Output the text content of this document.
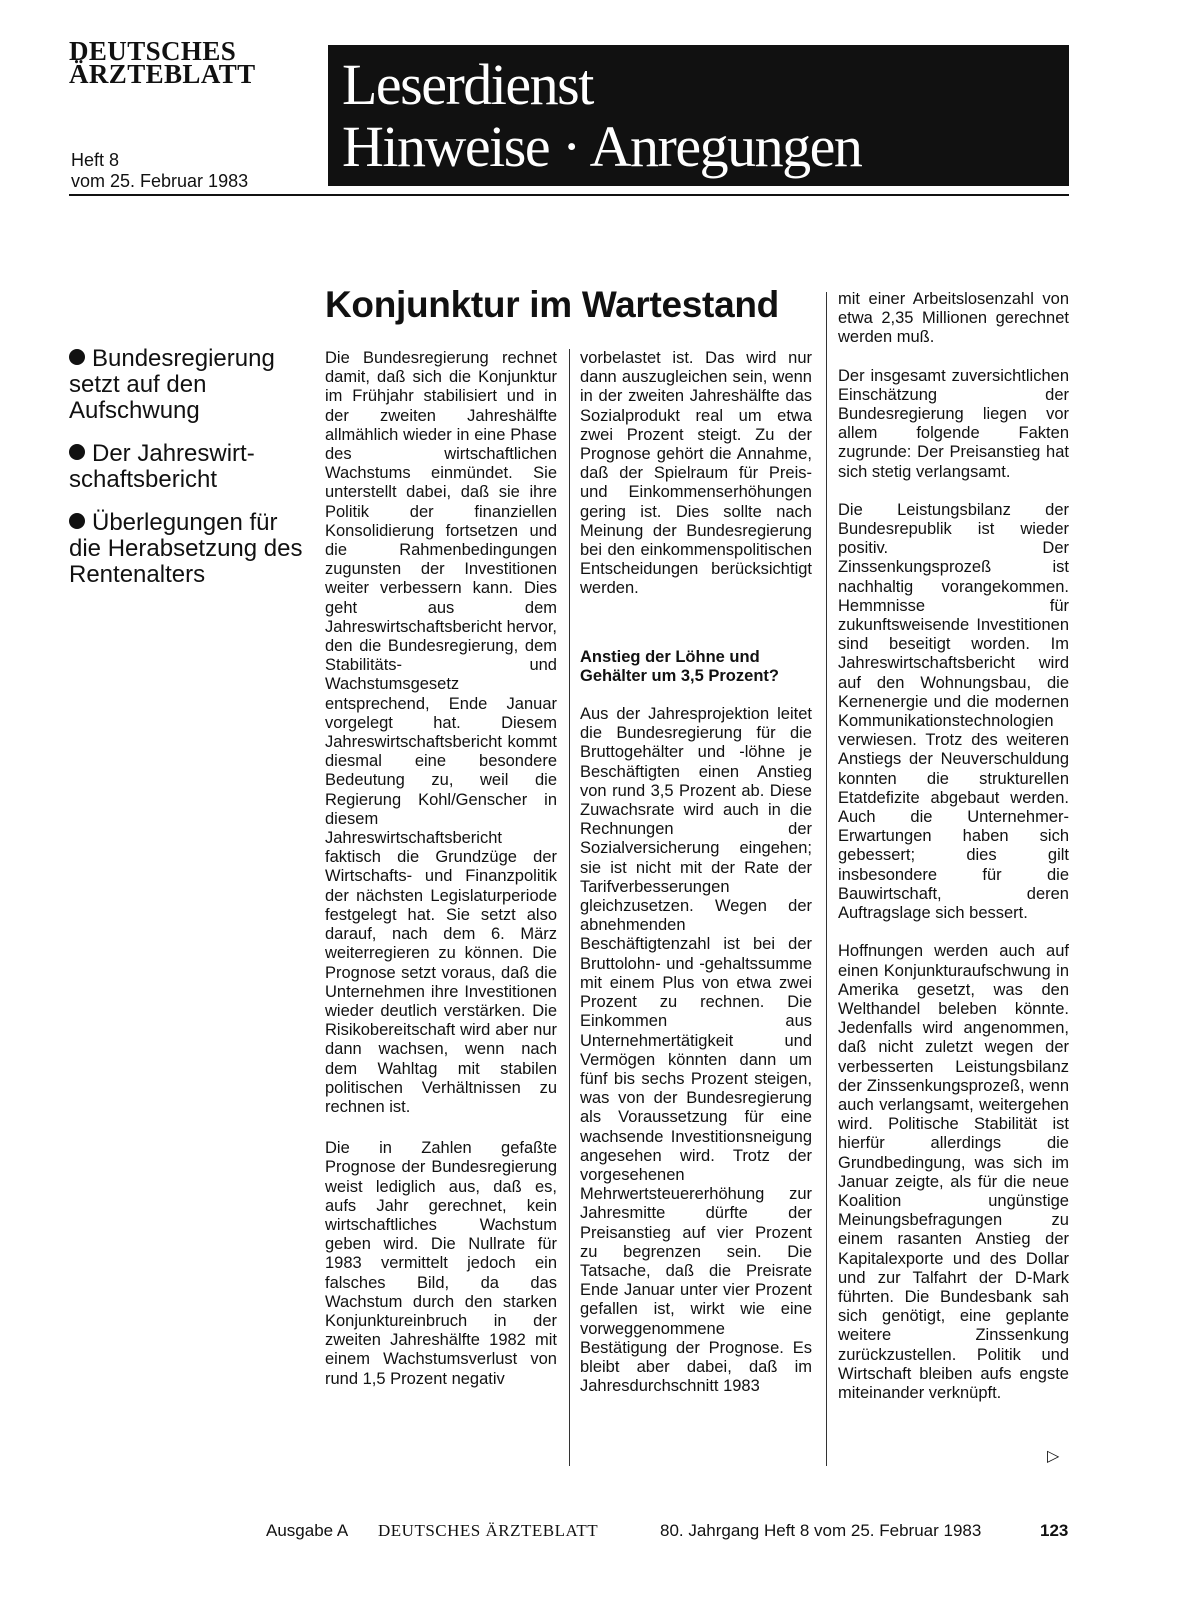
DEUTSCHES
ÄRZTEBLATT
Heft 8
vom 25. Februar 1983
Leserdienst
Hinweise · Anregungen
Bundesregierung setzt auf den Aufschwung
Der Jahreswirt-schaftsbericht
Überlegungen für die Herabsetzung des Rentenalters
Konjunktur im Wartestand

Die Bundesregierung rechnet damit, daß sich die Konjunktur im Frühjahr stabilisiert und in der zweiten Jahreshälfte allmählich wieder in eine Phase des wirtschaftlichen Wachstums einmündet. Sie unterstellt dabei, daß sie ihre Politik der finanziellen Konsolidierung fortsetzen und die Rahmenbedingungen zugunsten der Investitionen weiter verbessern kann. Dies geht aus dem Jahreswirtschaftsbericht hervor, den die Bundesregierung, dem Stabilitäts- und Wachstumsgesetz entsprechend, Ende Januar vorgelegt hat. Diesem Jahreswirtschaftsbericht kommt diesmal eine besondere Bedeutung zu, weil die Regierung Kohl/Genscher in diesem Jahreswirtschaftsbericht faktisch die Grundzüge der Wirtschafts- und Finanzpolitik der nächsten Legislaturperiode festgelegt hat. Sie setzt also darauf, nach dem 6. März weiterregieren zu können. Die Prognose setzt voraus, daß die Unternehmen ihre Investitionen wieder deutlich verstärken. Die Risikobereitschaft wird aber nur dann wachsen, wenn nach dem Wahltag mit stabilen politischen Verhältnissen zu rechnen ist.

Die in Zahlen gefaßte Prognose der Bundesregierung weist lediglich aus, daß es, aufs Jahr gerechnet, kein wirtschaftliches Wachstum geben wird. Die Nullrate für 1983 vermittelt jedoch ein falsches Bild, da das Wachstum durch den starken Konjunktureinbruch in der zweiten Jahreshälfte 1982 mit einem Wachstumsverlust von rund 1,5 Prozent negativ

vorbelastet ist. Das wird nur dann auszugleichen sein, wenn in der zweiten Jahreshälfte das Sozialprodukt real um etwa zwei Prozent steigt. Zu der Prognose gehört die Annahme, daß der Spielraum für Preis- und Einkommenserhöhungen gering ist. Dies sollte nach Meinung der Bundesregierung bei den einkommenspolitischen Entscheidungen berücksichtigt werden.

Anstieg der Löhne und Gehälter um 3,5 Prozent?

Aus der Jahresprojektion leitet die Bundesregierung für die Bruttogehälter und -löhne je Beschäftigten einen Anstieg von rund 3,5 Prozent ab. Diese Zuwachsrate wird auch in die Rechnungen der Sozialversicherung eingehen; sie ist nicht mit der Rate der Tarifverbesserungen gleichzusetzen. Wegen der abnehmenden Beschäftigtenzahl ist bei der Bruttolohn- und -gehaltssumme mit einem Plus von etwa zwei Prozent zu rechnen. Die Einkommen aus Unternehmertätigkeit und Vermögen könnten dann um fünf bis sechs Prozent steigen, was von der Bundesregierung als Voraussetzung für eine wachsende Investitionsneigung angesehen wird. Trotz der vorgesehenen Mehrwertsteuererhöhung zur Jahresmitte dürfte der Preisanstieg auf vier Prozent zu begrenzen sein. Die Tatsache, daß die Preisrate Ende Januar unter vier Prozent gefallen ist, wirkt wie eine vorweggenommene Bestätigung der Prognose. Es bleibt aber dabei, daß im Jahresdurchschnitt 1983

mit einer Arbeitslosenzahl von etwa 2,35 Millionen gerechnet werden muß.

Der insgesamt zuversichtlichen Einschätzung der Bundesregierung liegen vor allem folgende Fakten zugrunde: Der Preisanstieg hat sich stetig verlangsamt.

Die Leistungsbilanz der Bundesrepublik ist wieder positiv. Der Zinssenkungsprozeß ist nachhaltig vorangekommen. Hemmnisse für zukunftsweisende Investitionen sind beseitigt worden. Im Jahreswirtschaftsbericht wird auf den Wohnungsbau, die Kernenergie und die modernen Kommunikationstechnologien verwiesen. Trotz des weiteren Anstiegs der Neuverschuldung konnten die strukturellen Etatdefizite abgebaut werden. Auch die Unternehmer-Erwartungen haben sich gebessert; dies gilt insbesondere für die Bauwirtschaft, deren Auftragslage sich bessert.

Hoffnungen werden auch auf einen Konjunkturaufschwung in Amerika gesetzt, was den Welthandel beleben könnte. Jedenfalls wird angenommen, daß nicht zuletzt wegen der verbesserten Leistungsbilanz der Zinssenkungsprozeß, wenn auch verlangsamt, weitergehen wird. Politische Stabilität ist hierfür allerdings die Grundbedingung, was sich im Januar zeigte, als für die neue Koalition ungünstige Meinungsbefragungen zu einem rasanten Anstieg der Kapitalexporte und des Dollar und zur Talfahrt der D-Mark führten. Die Bundesbank sah sich genötigt, eine geplante weitere Zinssenkung zurückzustellen. Politik und Wirtschaft bleiben aufs engste miteinander verknüpft.

▷
Ausgabe A DEUTSCHES ÄRZTEBLATT	80. Jahrgang Heft 8 vom 25. Februar 1983	123
